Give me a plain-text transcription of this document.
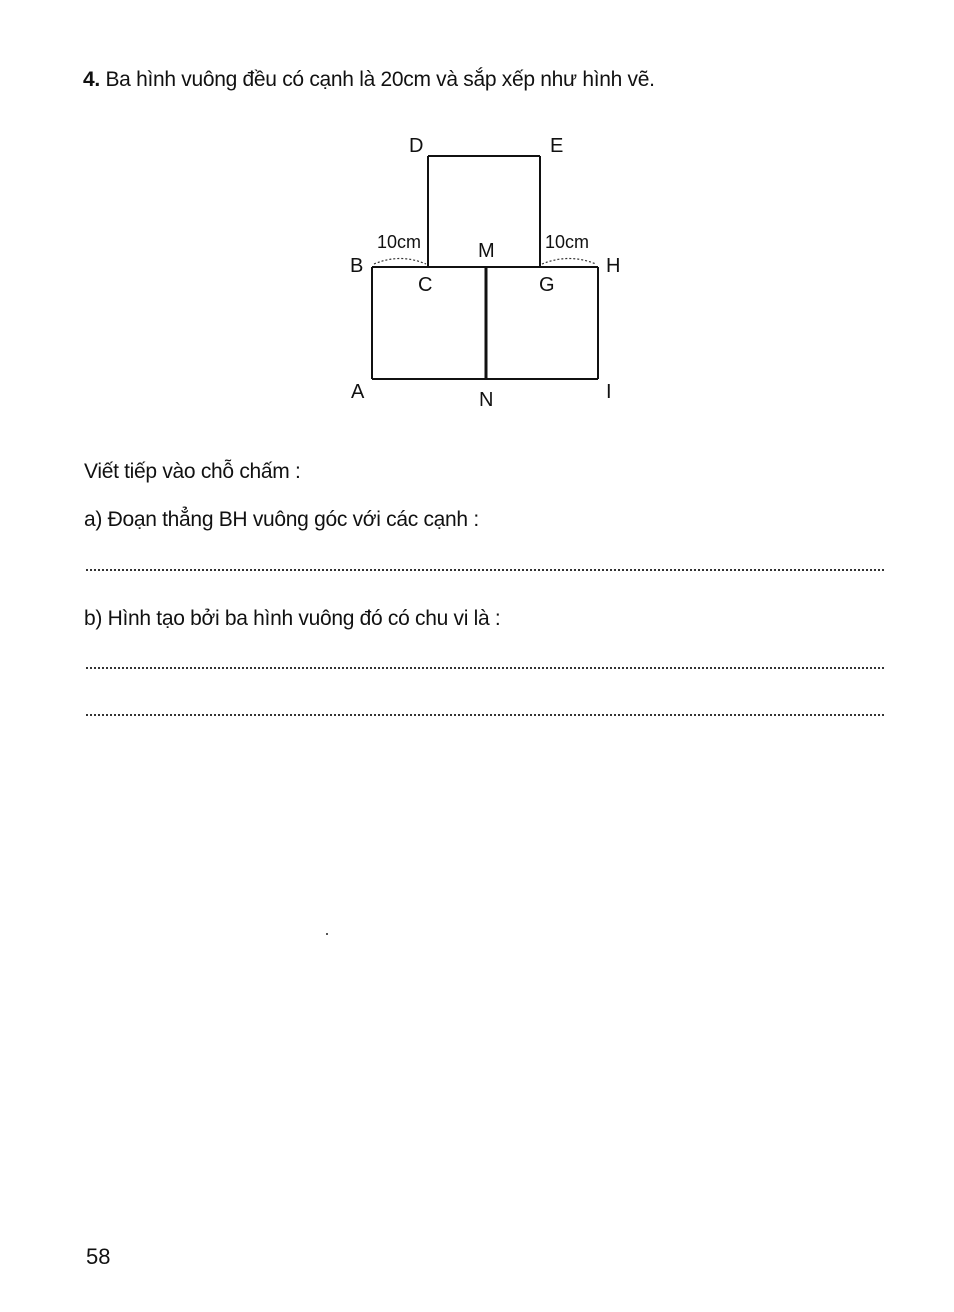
4. Ba hình vuông đều có cạnh là 20cm và sắp xếp như hình vẽ.
D	E
10cm	10cm
M
B	H
C	G
A	N	I
Viết tiếp vào chỗ chấm :
a) Đoạn thẳng BH vuông góc với các cạnh :
b) Hình tạo bởi ba hình vuông đó có chu vi là :
58
